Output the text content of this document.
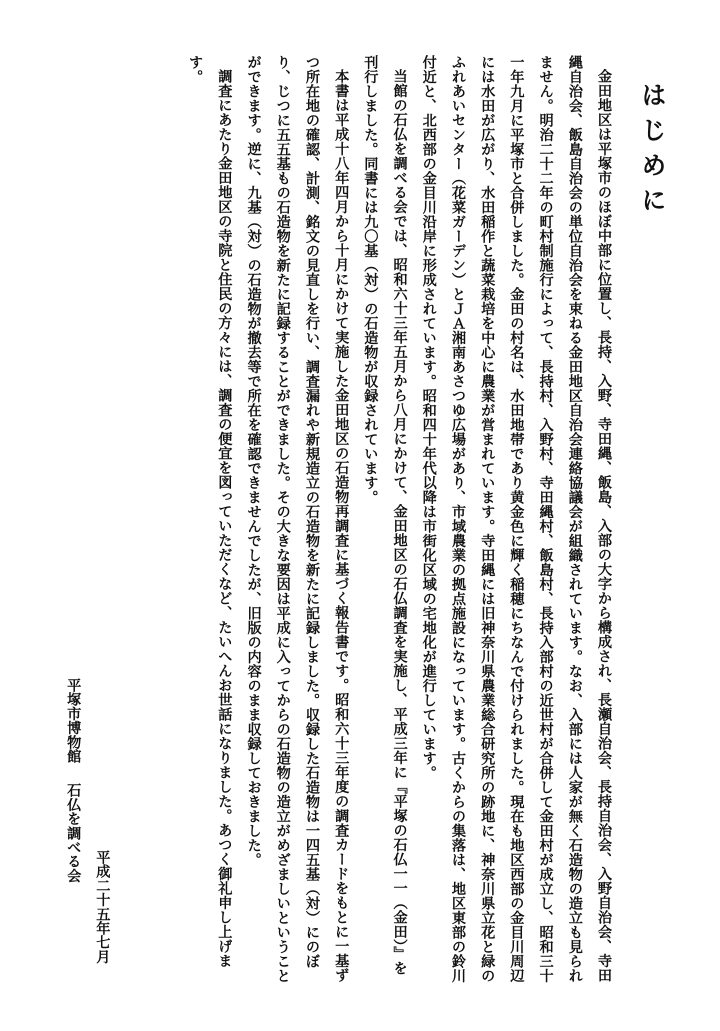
はじめに

金田地区は平塚市のほぼ中部に位置し、長持、入野、寺田縄、飯島、入部の大字から構成され、長瀬自治会、長持自治会、入野自治会、寺田縄自治会、飯島自治会の単位自治会を束ねる金田地区自治会連絡協議会が組織されています。なお、入部には人家が無く石造物の造立も見られません。明治二十二年の町村制施行によって、長持村、入野村、寺田縄村、飯島村、長持入部村の近世村が合併して金田村が成立し、昭和三十一年九月に平塚市と合併しました。金田の村名は、水田地帯であり黄金色に輝く稲穂にちなんで付けられました。現在も地区西部の金目川周辺には水田が広がり、水田稲作と蔬菜栽培を中心に農業が営まれています。寺田縄には旧神奈川県農業総合研究所の跡地に、神奈川県立花と緑のふれあいセンター（花菜ガーデン）とＪＡ湘南あさつゆ広場があり、市域農業の拠点施設になっています。古くからの集落は、地区東部の鈴川付近と、北西部の金目川沿岸に形成されています。昭和四十年代以降は市街化区域の宅地化が進行しています。

当館の石仏を調べる会では、昭和六十三年五月から八月にかけて、金田地区の石仏調査を実施し、平成三年に『平塚の石仏一一（金田）』を刊行しました。同書には九〇基（対）の石造物が収録されています。

本書は平成十八年四月から十月にかけて実施した金田地区の石造物再調査に基づく報告書です。昭和六十三年度の調査カードをもとに一基ずつ所在地の確認、計測、銘文の見直しを行い、調査漏れや新規造立の石造物を新たに記録しました。収録した石造物は一四五基（対）にのぼり、じつに五五基もの石造物を新たに記録することができました。その大きな要因は平成に入ってからの石造物の造立がめざましいということができます。逆に、九基（対）の石造物が撤去等で所在を確認できませんでしたが、旧版の内容のまま収録しておきました。

調査にあたり金田地区の寺院と住民の方々には、調査の便宜を図っていただくなど、たいへんお世話になりました。あつく御礼申し上げます。

平成二十五年七月
平塚市博物館石仏を調べる会
